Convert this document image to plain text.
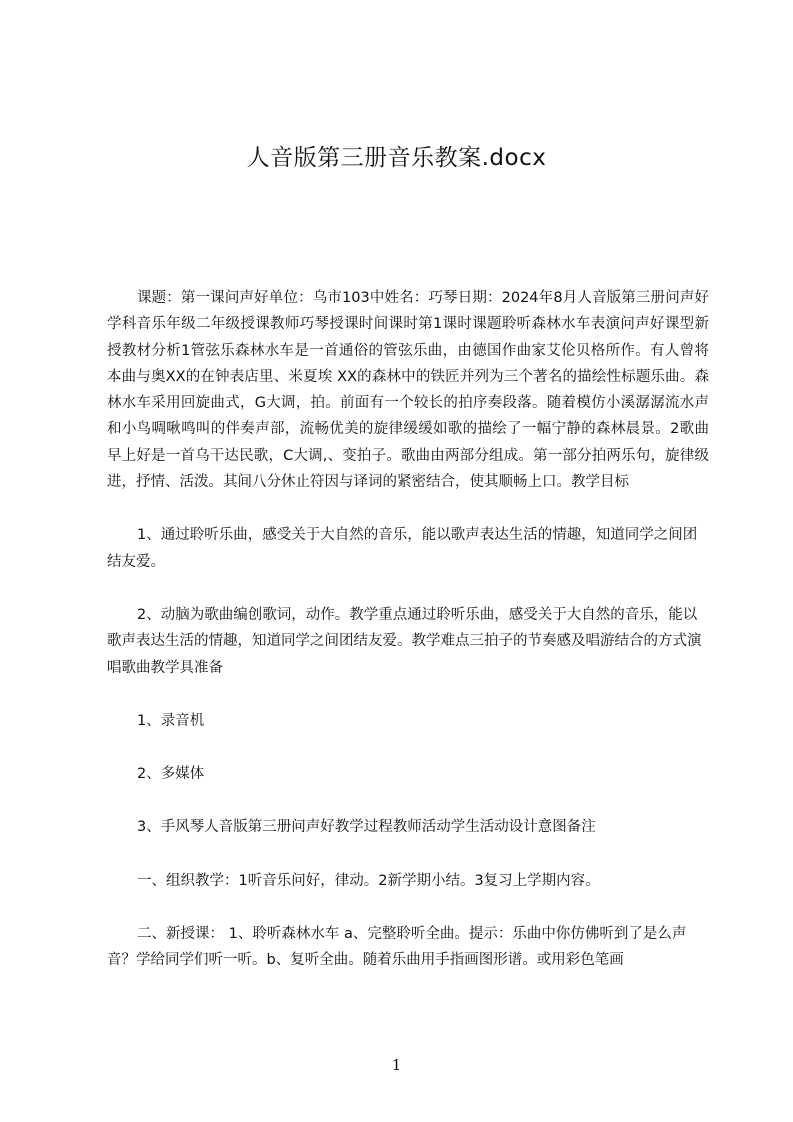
人音版第三册音乐教案.docx

课题：第一课问声好单位：乌市103中姓名：巧琴日期：2024年8月人音版第三册问声好学科音乐年级二年级授课教师巧琴授课时间课时第1课时课题聆听森林水车表演问声好课型新授教材分析1管弦乐森林水车是一首通俗的管弦乐曲，由德国作曲家艾伦贝格所作。有人曾将本曲与奥XX的在钟表店里、米夏埃 XX的森林中的铁匠并列为三个著名的描绘性标题乐曲。森林水车采用回旋曲式，G大调，拍。前面有一个较长的拍序奏段落。随着模仿小溪潺潺流水声和小鸟啁啾鸣叫的伴奏声部，流畅优美的旋律缓缓如歌的描绘了一幅宁静的森林晨景。2歌曲早上好是一首乌干达民歌，C大调,、变拍子。歌曲由两部分组成。第一部分拍两乐句，旋律级进，抒情、活泼。其间八分休止符因与译词的紧密结合，使其顺畅上口。教学目标

1、通过聆听乐曲，感受关于大自然的音乐，能以歌声表达生活的情趣，知道同学之间团结友爱。

2、动脑为歌曲编创歌词，动作。教学重点通过聆听乐曲，感受关于大自然的音乐，能以歌声表达生活的情趣，知道同学之间团结友爱。教学难点三拍子的节奏感及唱游结合的方式演唱歌曲教学具准备

1、录音机

2、多媒体

3、手风琴人音版第三册问声好教学过程教师活动学生活动设计意图备注

一、组织教学：1听音乐问好，律动。2新学期小结。3复习上学期内容。

二、新授课： 1、聆听森林水车 a、完整聆听全曲。提示：乐曲中你仿佛听到了是么声音？学给同学们听一听。b、复听全曲。随着乐曲用手指画图形谱。或用彩色笔画

1
